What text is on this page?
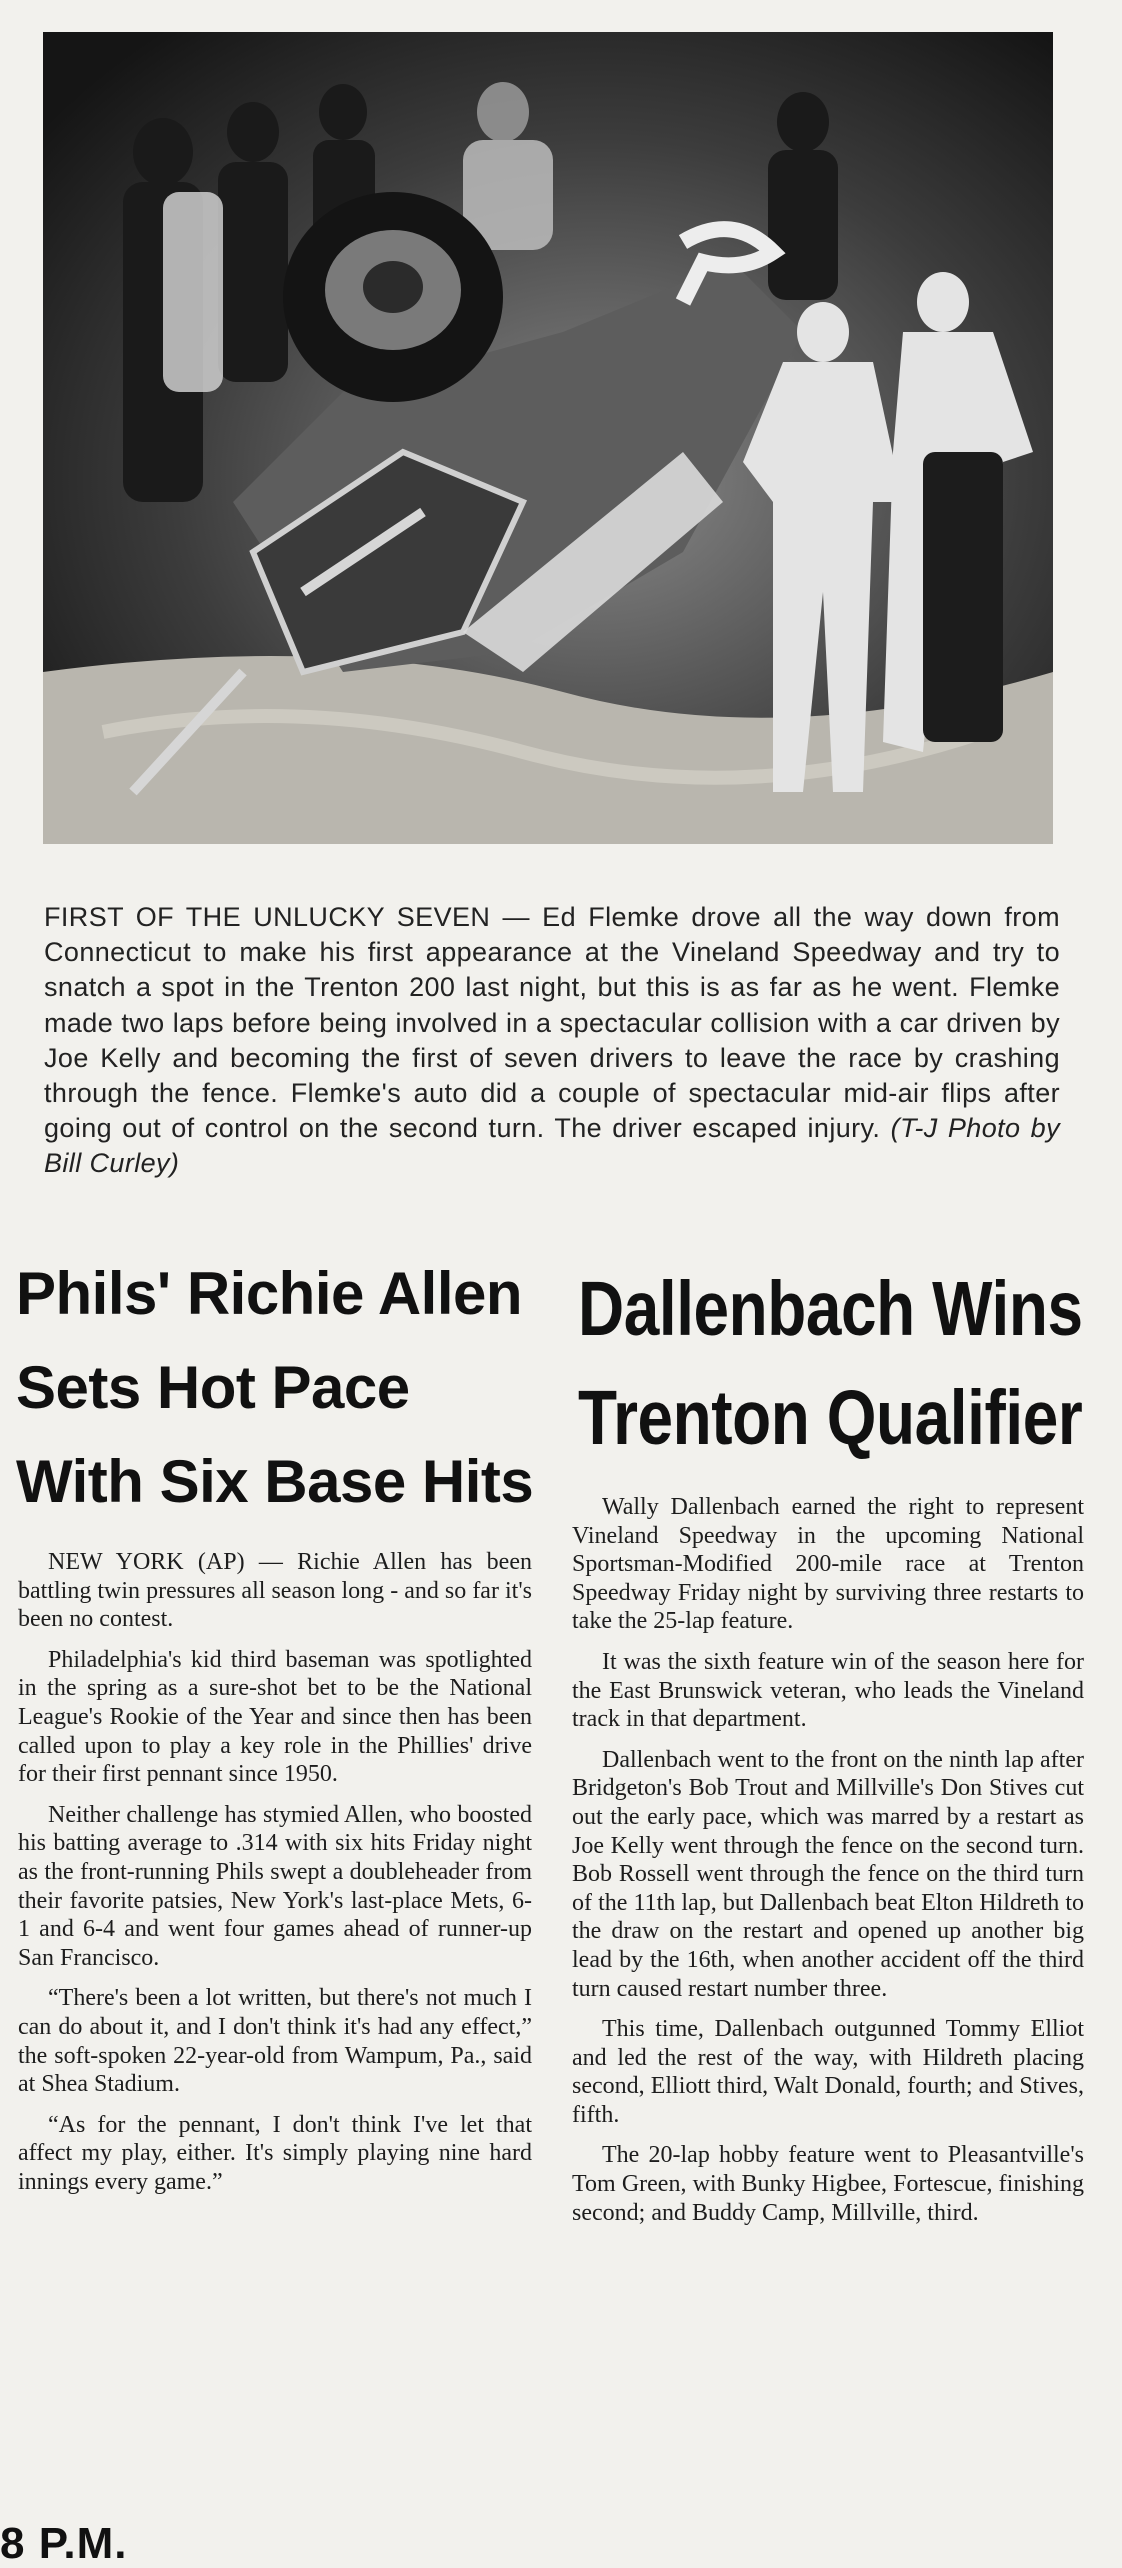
FIRST OF THE UNLUCKY SEVEN — Ed Flemke drove all the way down from Connecticut to make his first appearance at the Vineland Speedway and try to snatch a spot in the Trenton 200 last night, but this is as far as he went. Flemke made two laps before being involved in a spectacular collision with a car driven by Joe Kelly and becoming the first of seven drivers to leave the race by crashing through the fence. Flemke's auto did a couple of spectacular mid-air flips after going out of control on the second turn. The driver escaped injury. (T-J Photo by Bill Curley)
Phils' Richie Allen
Sets Hot Pace
With Six Base Hits

NEW YORK (AP) — Richie Allen has been battling twin pressures all season long - and so far it's been no contest.

Philadelphia's kid third baseman was spotlighted in the spring as a sure-shot bet to be the National League's Rookie of the Year and since then has been called upon to play a key role in the Phillies' drive for their first pennant since 1950.

Neither challenge has stymied Allen, who boosted his batting average to .314 with six hits Friday night as the front-running Phils swept a doubleheader from their favorite patsies, New York's last-place Mets, 6-1 and 6-4 and went four games ahead of runner-up San Francisco.

“There's been a lot written, but there's not much I can do about it, and I don't think it's had any effect,” the soft-spoken 22-year-old from Wampum, Pa., said at Shea Stadium.

“As for the pennant, I don't think I've let that affect my play, either. It's simply playing nine hard innings every game.”

Dallenbach Wins
Trenton Qualifier

Wally Dallenbach earned the right to represent Vineland Speedway in the upcoming National Sportsman-Modified 200-mile race at Trenton Speedway Friday night by surviving three restarts to take the 25-lap feature.

It was the sixth feature win of the season here for the East Brunswick veteran, who leads the Vineland track in that department.

Dallenbach went to the front on the ninth lap after Bridgeton's Bob Trout and Millville's Don Stives cut out the early pace, which was marred by a restart as Joe Kelly went through the fence on the second turn. Bob Rossell went through the fence on the third turn of the 11th lap, but Dallenbach beat Elton Hildreth to the draw on the restart and opened up another big lead by the 16th, when another accident off the third turn caused restart number three.

This time, Dallenbach outgunned Tommy Elliot and led the rest of the way, with Hildreth placing second, Elliott third, Walt Donald, fourth; and Stives, fifth.

The 20-lap hobby feature went to Pleasantville's Tom Green, with Bunky Higbee, Fortescue, finishing second; and Buddy Camp, Millville, third.

8 P.M.
